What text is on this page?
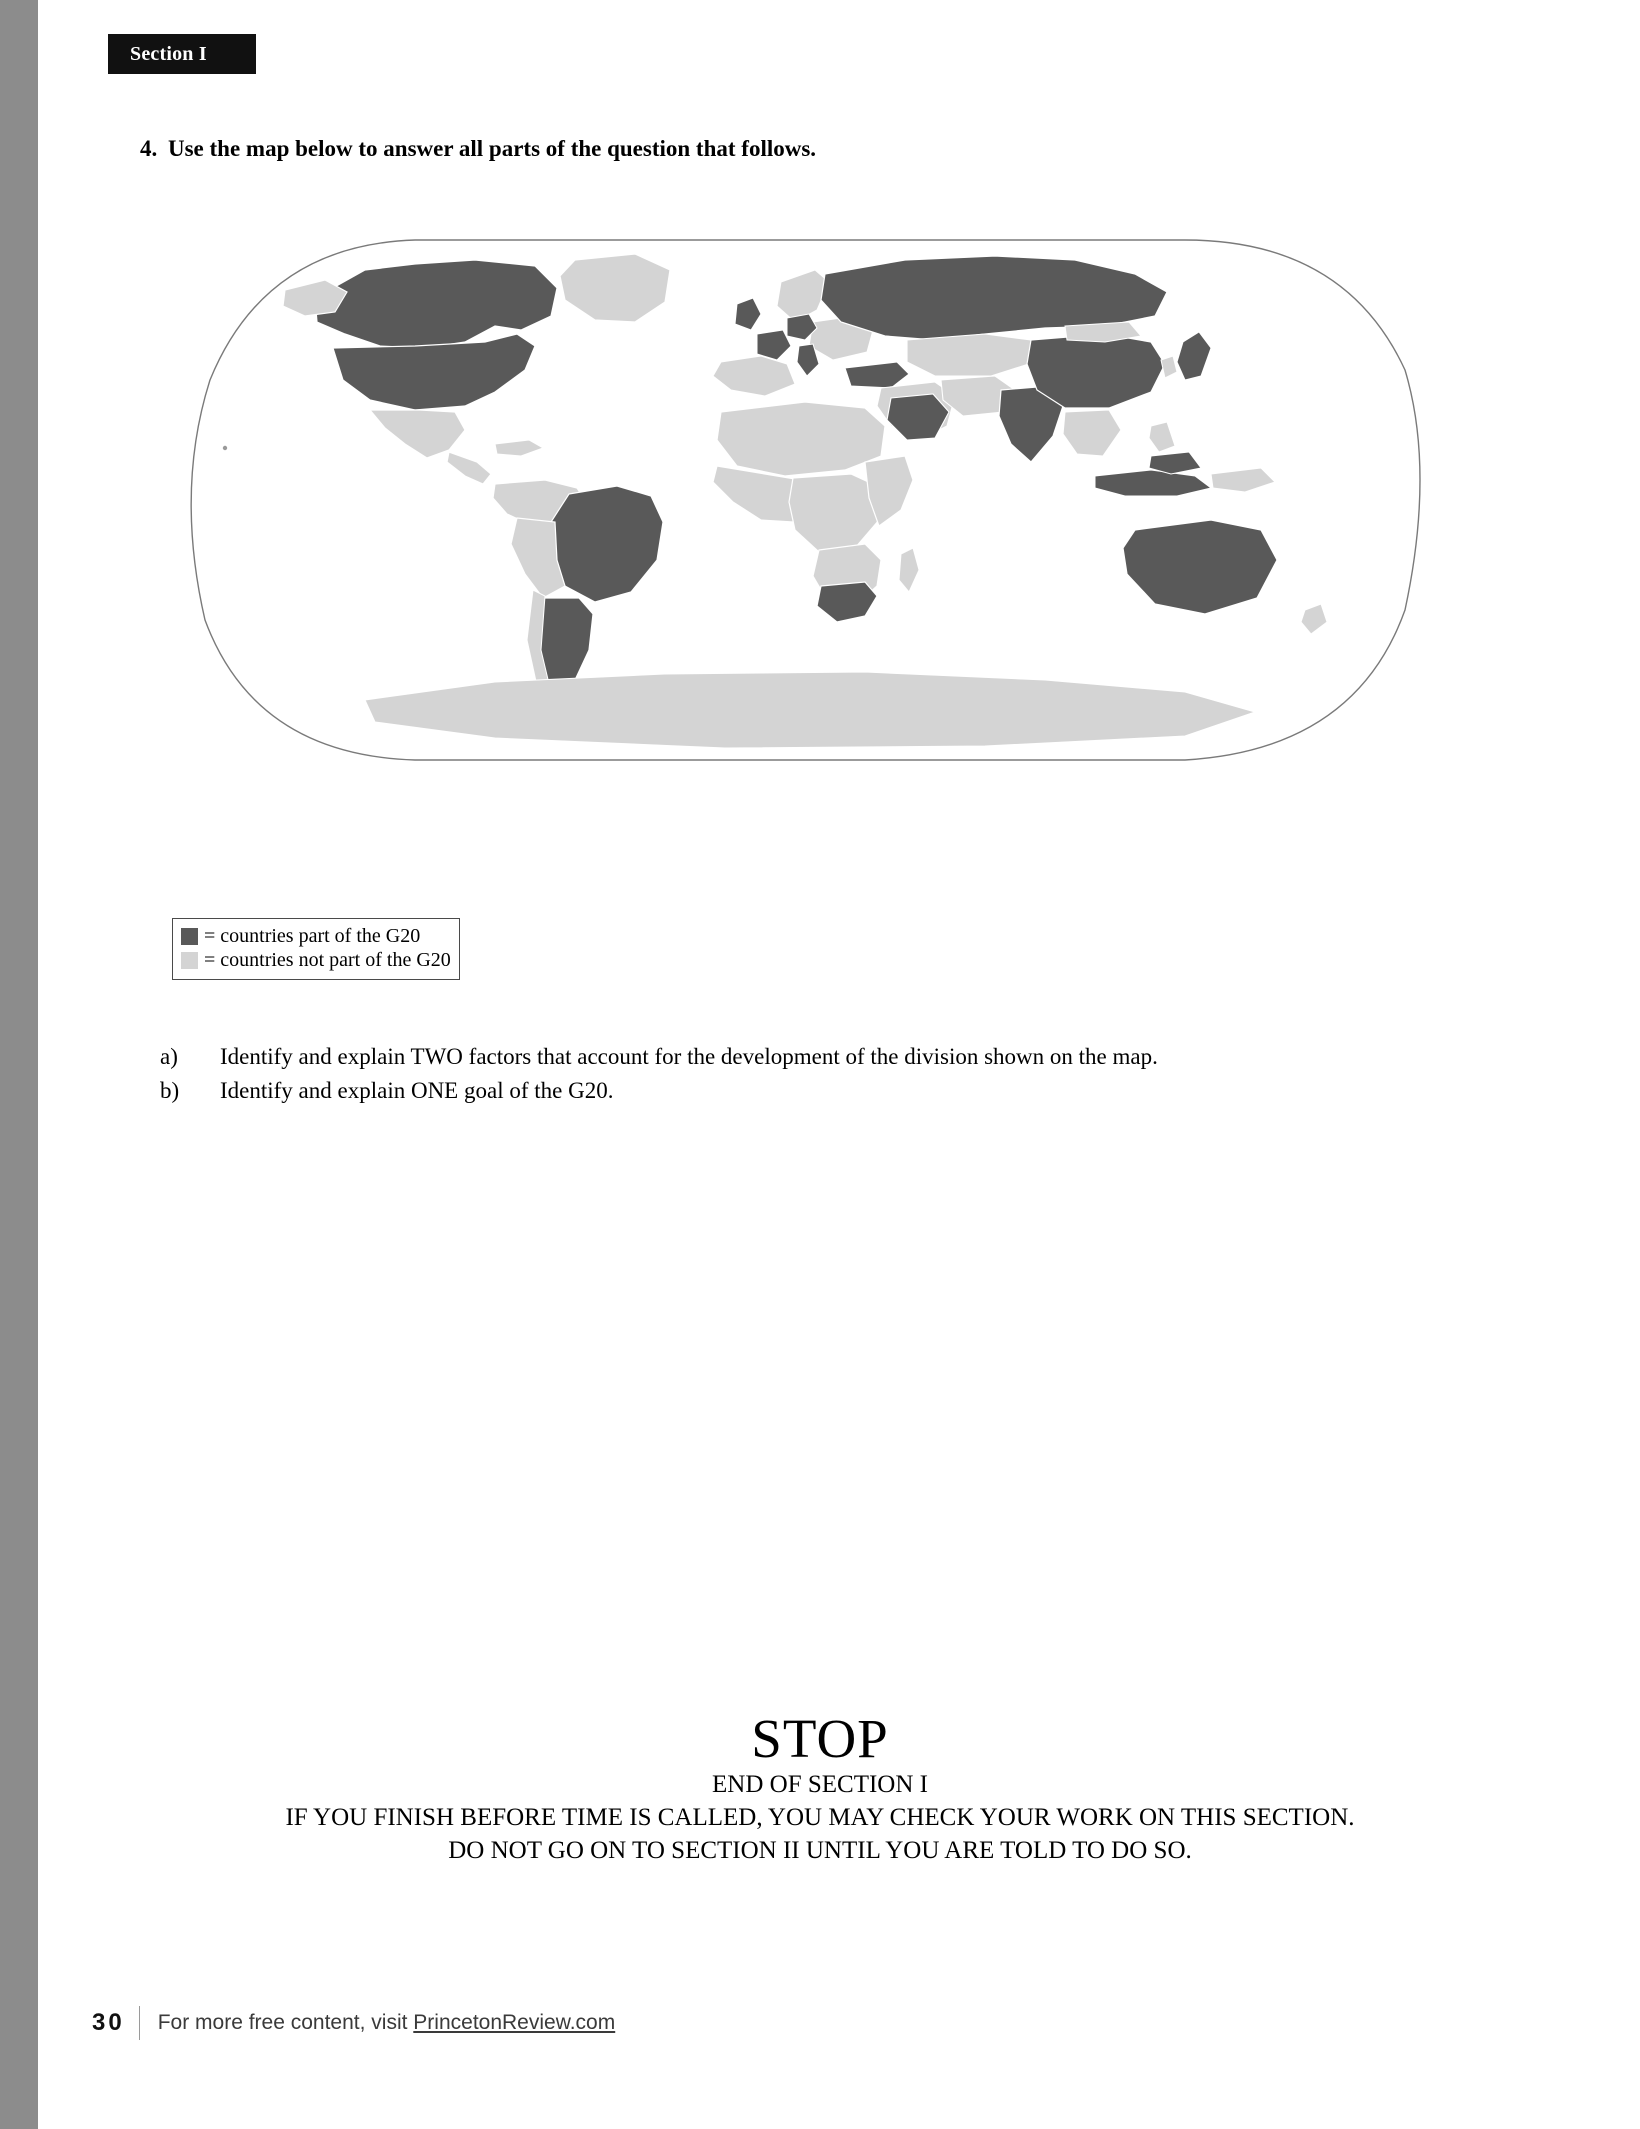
Section I
4. Use the map below to answer all parts of the question that follows.
= countries part of the G20
= countries not part of the G20
a)	Identify and explain TWO factors that account for the development of the division shown on the map.
b)	Identify and explain ONE goal of the G20.
STOP
END OF SECTION I
IF YOU FINISH BEFORE TIME IS CALLED, YOU MAY CHECK YOUR WORK ON THIS SECTION.
DO NOT GO ON TO SECTION II UNTIL YOU ARE TOLD TO DO SO.
30 For more free content, visit PrincetonReview.com
